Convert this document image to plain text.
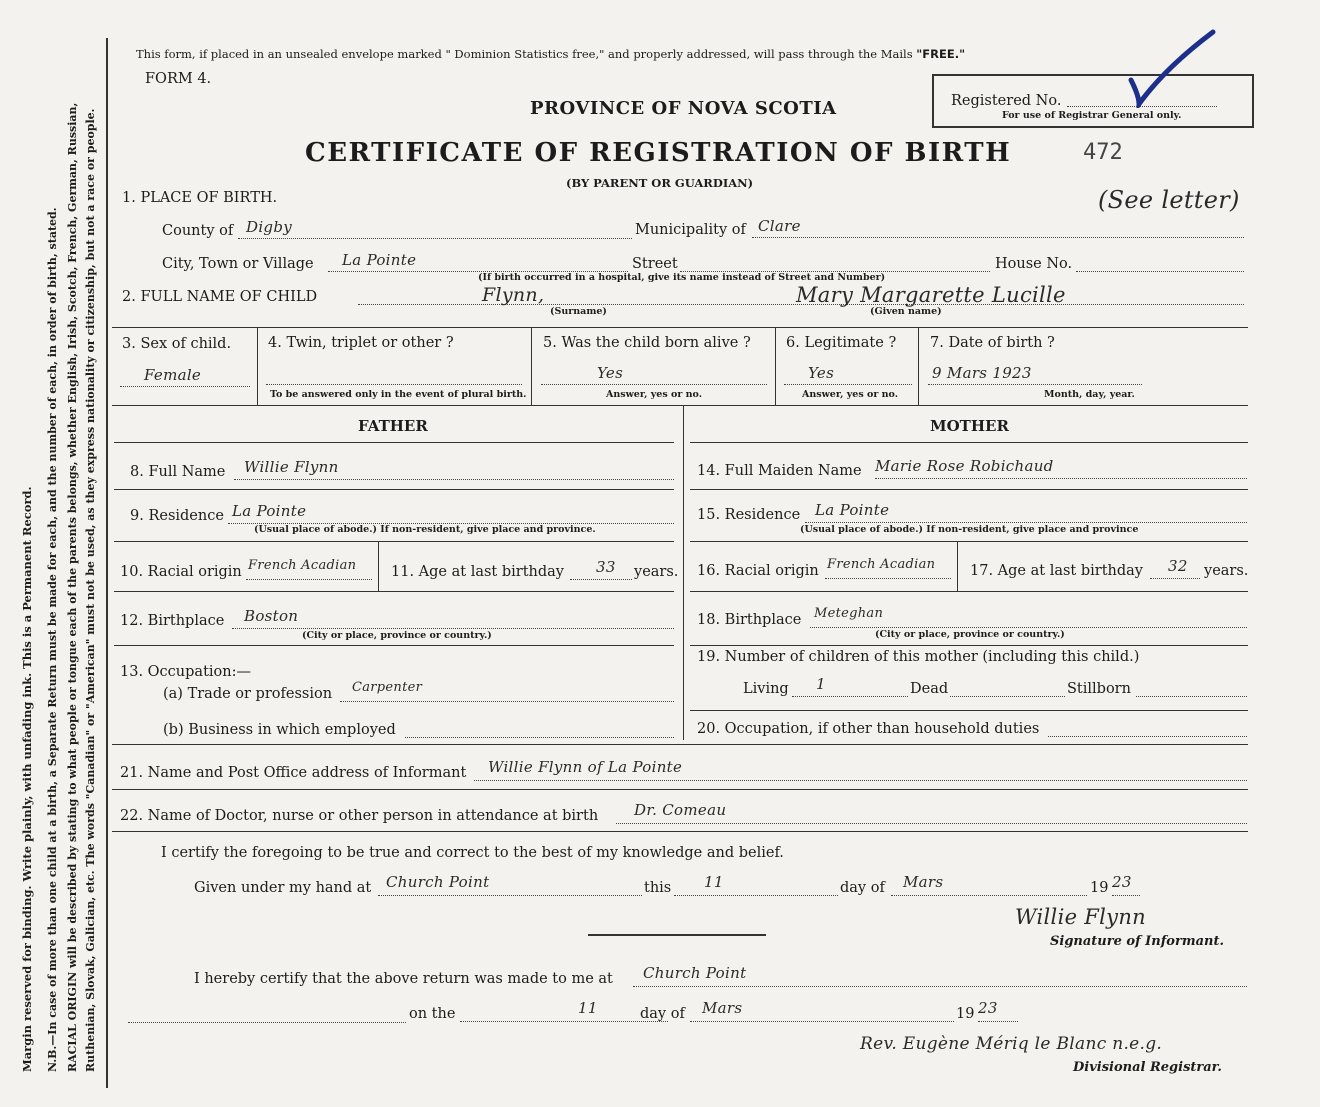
Margin reserved for binding. Write plainly, with unfading ink. This is a Permanent Record. N.B.—In case of more than one child at a birth, a Separate Return must be made for each, and the number of each, in order of birth, stated. RACIAL ORIGIN will be described by stating to what people or tongue each of the parents belongs, whether English, Irish, Scotch, French, German, Russian, Ruthenian, Slovak, Galician, etc. The words "Canadian" or "American" must not be used, as they express nationality or citizenship, but not a race or people.
This form, if placed in an unsealed envelope marked " Dominion Statistics free," and properly addressed, will pass through the Mails "FREE."
FORM 4.
PROVINCE OF NOVA SCOTIA	Registered No.
For use of Registrar General only.
CERTIFICATE OF REGISTRATION OF BIRTH	472
(BY PARENT OR GUARDIAN)
(See letter)
1. PLACE OF BIRTH.
County of Digby	Municipality of Clare
City, Town or Village La Pointe	Street	House No.
(If birth occurred in a hospital, give its name instead of Street and Number)
2. FULL NAME OF CHILD	Flynn,	Mary Margarette Lucille
(Surname)	(Given name)
3. Sex of child.
Female
4. Twin, triplet or other ?
To be answered only in the event of plural birth.
5. Was the child born alive ?
Yes
Answer, yes or no.
6. Legitimate ?
Yes
Answer, yes or no.
7. Date of birth ?
9 Mars 1923
Month, day, year.
FATHER	MOTHER
8. Full Name Willie Flynn	14. Full Maiden Name Marie Rose Robichaud
9. Residence La Pointe
(Usual place of abode.) If non-resident, give place and province.
15. Residence La Pointe
(Usual place of abode.) If non-resident, give place and province
10. Racial origin French Acadian 11. Age at last birthday 33 years. 16. Racial origin French Acadian 17. Age at last birthday 32 years.
12. Birthplace Boston
(City or place, province or country.)
18. Birthplace Meteghan
(City or place, province or country.)
13. Occupation:—
(a) Trade or profession Carpenter
(b) Business in which employed
19. Number of children of this mother (including this child.)
Living 1	Dead	Stillborn
20. Occupation, if other than household duties
21. Name and Post Office address of Informant Willie Flynn of La Pointe
22. Name of Doctor, nurse or other person in attendance at birth Dr. Comeau
I certify the foregoing to be true and correct to the best of my knowledge and belief.
Given under my hand at Church Point	this 11	day of Mars	19 23
Willie Flynn
Signature of Informant.
I hereby certify that the above return was made to me at Church Point
on the	11	day of Mars	19 23
Rev. Eugène Mériq le Blanc n.e.g.
Divisional Registrar.
